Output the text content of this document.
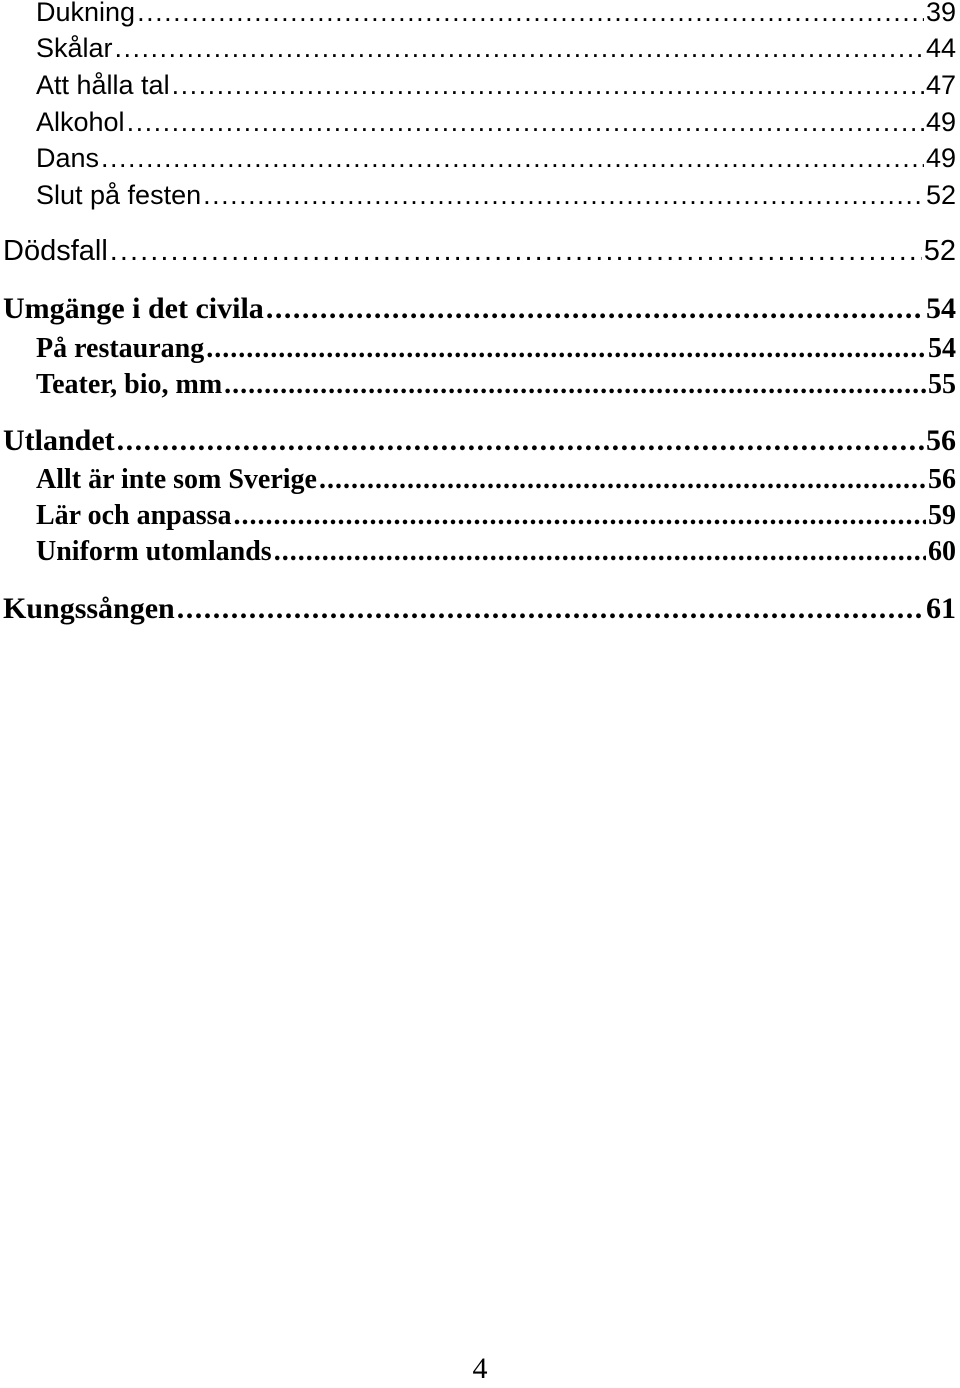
Dukning . . .	39
Skålar . . .	44
Att hålla tal . . .	47
Alkohol . . .	49
Dans . . .	49
Slut på festen . . .	52
Dödsfall . . .	52
Umgänge i det civila . . .	54
På restaurang . . .	54
Teater, bio, mm . . .	55
Utlandet . . .	56
Allt är inte som Sverige . . .	56
Lär och anpassa . . .	59
Uniform utomlands . . .	60
Kungssången . . .	61
4
